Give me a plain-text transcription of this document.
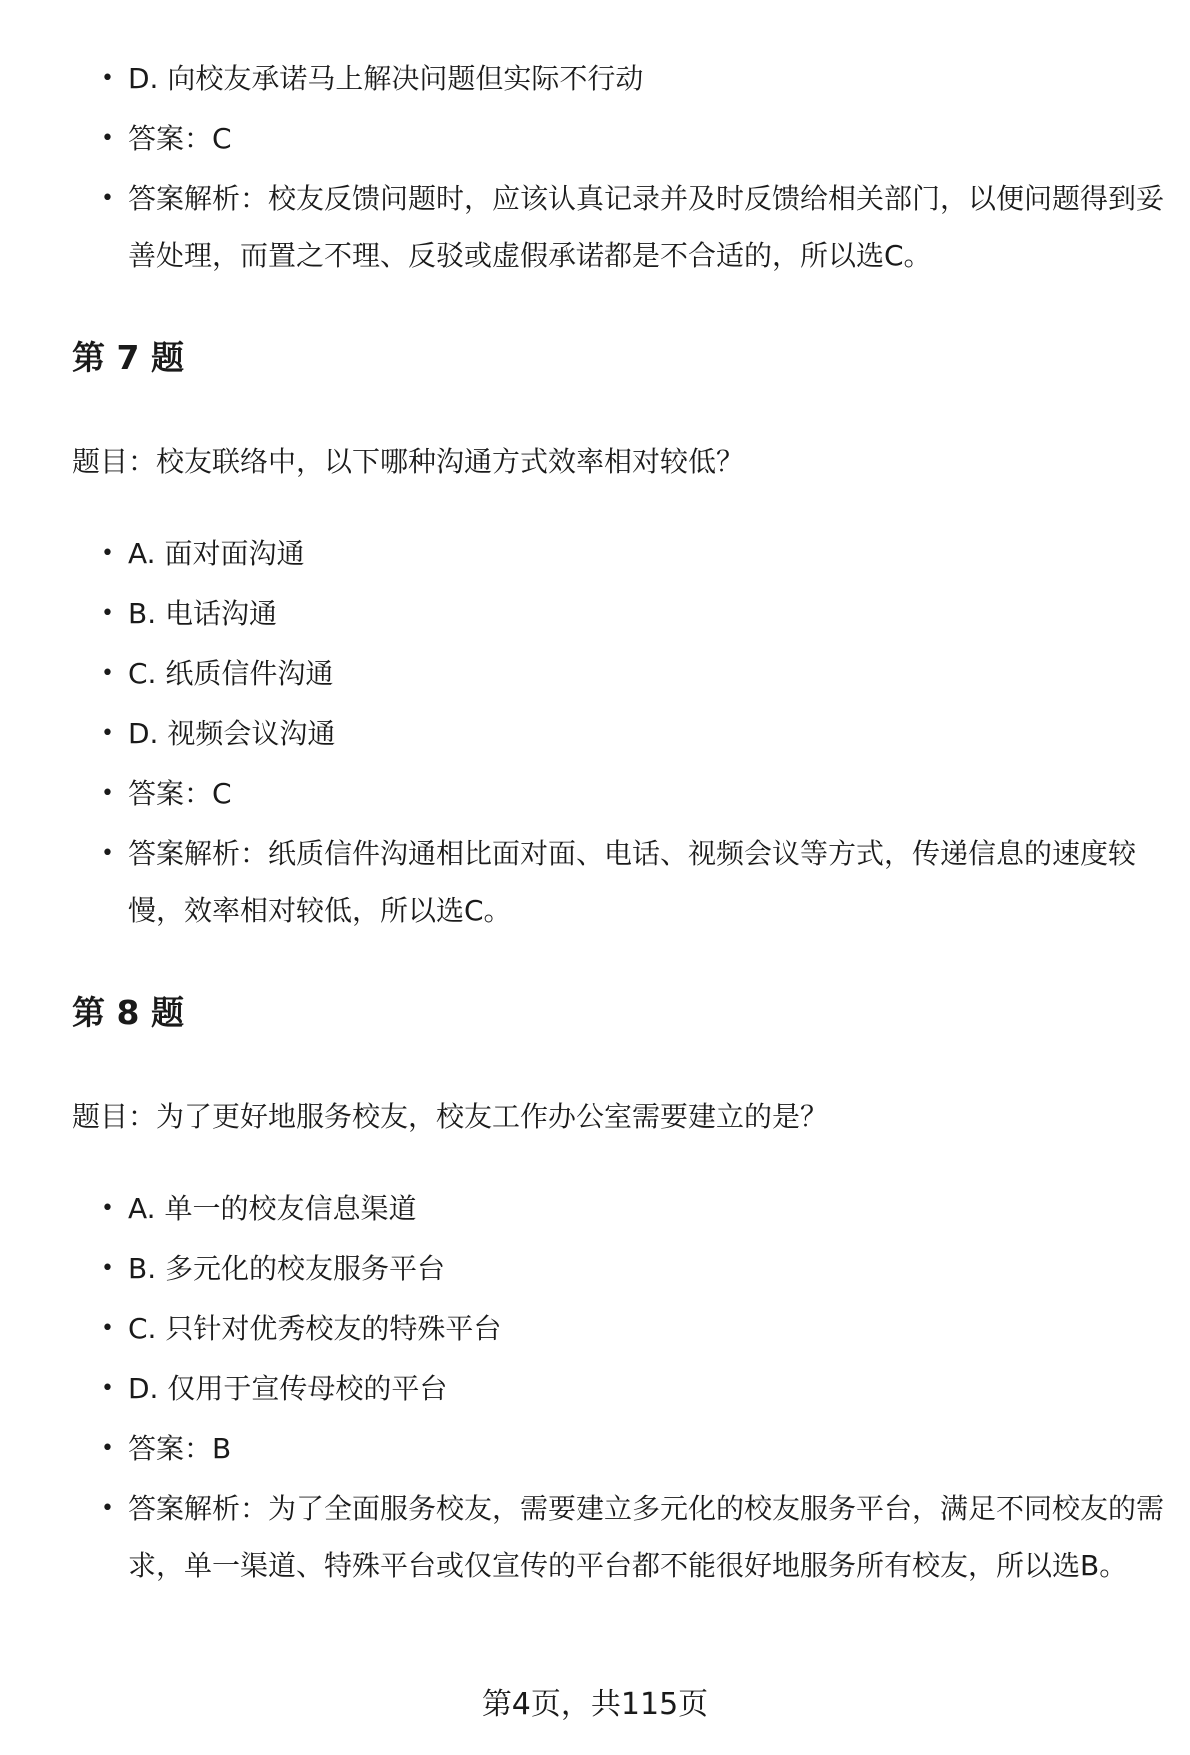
• D. 向校友承诺马上解决问题但实际不行动
• 答案：C
• 答案解析：校友反馈问题时，应该认真记录并及时反馈给相关部门，以便问题得到妥善处理，而置之不理、反驳或虚假承诺都是不合适的，所以选C。
第 7 题

题目：校友联络中，以下哪种沟通方式效率相对较低？

• A. 面对面沟通
• B. 电话沟通
• C. 纸质信件沟通
• D. 视频会议沟通
• 答案：C
• 答案解析：纸质信件沟通相比面对面、电话、视频会议等方式，传递信息的速度较慢，效率相对较低，所以选C。
第 8 题

题目：为了更好地服务校友，校友工作办公室需要建立的是？

• A. 单一的校友信息渠道
• B. 多元化的校友服务平台
• C. 只针对优秀校友的特殊平台
• D. 仅用于宣传母校的平台
• 答案：B
• 答案解析：为了全面服务校友，需要建立多元化的校友服务平台，满足不同校友的需求，单一渠道、特殊平台或仅宣传的平台都不能很好地服务所有校友，所以选B。
第4页，共115页
